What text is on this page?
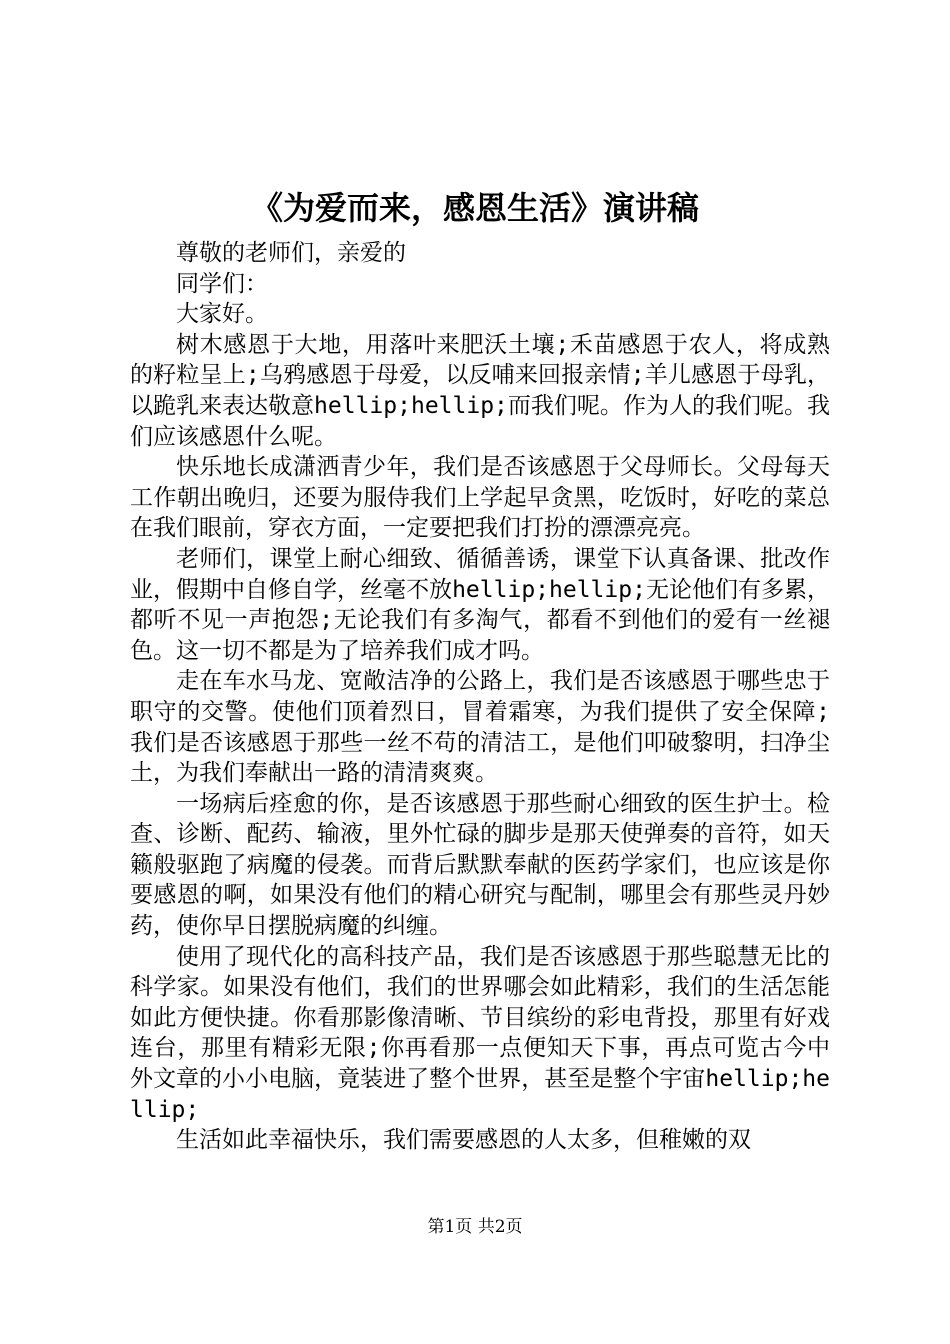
《为爱而来，感恩生活》演讲稿

尊敬的老师们，亲爱的

同学们：

大家好。

树木感恩于大地，用落叶来肥沃土壤;禾苗感恩于农人，将成熟的籽粒呈上;乌鸦感恩于母爱，以反哺来回报亲情;羊儿感恩于母乳，以跪乳来表达敬意hellip;hellip;而我们呢。作为人的我们呢。我们应该感恩什么呢。

快乐地长成潇洒青少年，我们是否该感恩于父母师长。父母每天工作朝出晚归，还要为服侍我们上学起早贪黑，吃饭时，好吃的菜总在我们眼前，穿衣方面，一定要把我们打扮的漂漂亮亮。

老师们，课堂上耐心细致、循循善诱，课堂下认真备课、批改作业，假期中自修自学，丝毫不放hellip;hellip;无论他们有多累，都听不见一声抱怨;无论我们有多淘气，都看不到他们的爱有一丝褪色。这一切不都是为了培养我们成才吗。

走在车水马龙、宽敞洁净的公路上，我们是否该感恩于哪些忠于职守的交警。使他们顶着烈日，冒着霜寒，为我们提供了安全保障;我们是否该感恩于那些一丝不苟的清洁工，是他们叩破黎明，扫净尘土，为我们奉献出一路的清清爽爽。

一场病后痊愈的你，是否该感恩于那些耐心细致的医生护士。检查、诊断、配药、输液，里外忙碌的脚步是那天使弹奏的音符，如天籁般驱跑了病魔的侵袭。而背后默默奉献的医药学家们，也应该是你要感恩的啊，如果没有他们的精心研究与配制，哪里会有那些灵丹妙药，使你早日摆脱病魔的纠缠。

使用了现代化的高科技产品，我们是否该感恩于那些聪慧无比的科学家。如果没有他们，我们的世界哪会如此精彩，我们的生活怎能如此方便快捷。你看那影像清晰、节目缤纷的彩电背投，那里有好戏连台，那里有精彩无限;你再看那一点便知天下事，再点可览古今中外文章的小小电脑，竟装进了整个世界，甚至是整个宇宙hellip;hellip;

生活如此幸福快乐，我们需要感恩的人太多，但稚嫩的双

第1页 共2页
